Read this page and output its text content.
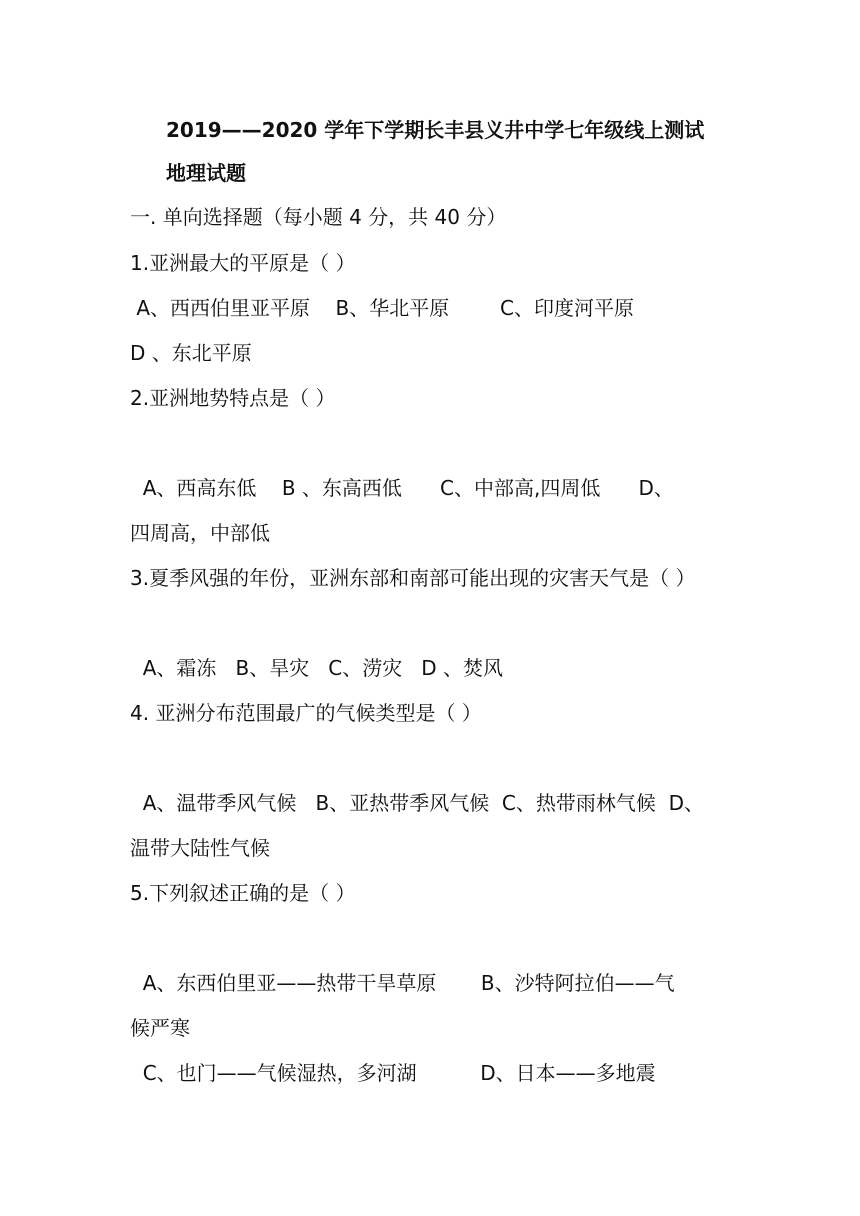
2019——2020 学年下学期长丰县义井中学七年级线上测试
地理试题
一. 单向选择题（每小题 4 分，共 40 分）
1.亚洲最大的平原是（ ）
A、西西伯里亚平原    B、华北平原        C、印度河平原
D 、东北平原
2.亚洲地势特点是（ ）
A、西高东低    B 、东高西低      C、中部高,四周低      D、
四周高，中部低
3.夏季风强的年份，亚洲东部和南部可能出现的灾害天气是（ ）
A、霜冻   B、旱灾   C、涝灾   D 、焚风
4. 亚洲分布范围最广的气候类型是（ ）
A、温带季风气候   B、亚热带季风气候  C、热带雨林气候  D、
温带大陆性气候
5.下列叙述正确的是（ ）
A、东西伯里亚——热带干旱草原       B、沙特阿拉伯——气
候严寒
C、也门——气候湿热，多河湖          D、日本——多地震
